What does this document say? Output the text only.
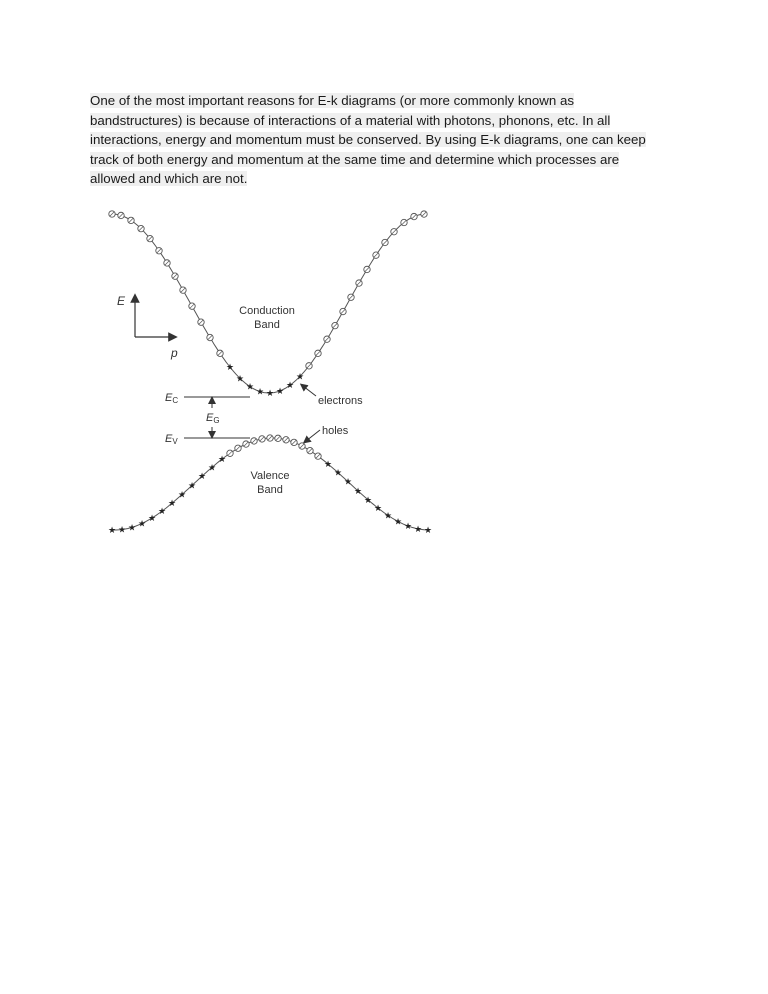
One of the most important reasons for E-k diagrams (or more commonly known as
bandstructures) is because of interactions of a material with photons, phonons, etc. In all
interactions, energy and momentum must be conserved. By using E-k diagrams, one can keep
track of both energy and momentum at the same time and determine which processes are
allowed and which are not.
★
★
★ ★ ★ ★
★
★
★ ★ ★ ★
★
★
★
★
★
★
★
★	★
★
★
★
★
★
★
★ ★ ★ ★
E
p
Conduction
Band
Valence
Band
EC
EV
EG
electrons
holes
